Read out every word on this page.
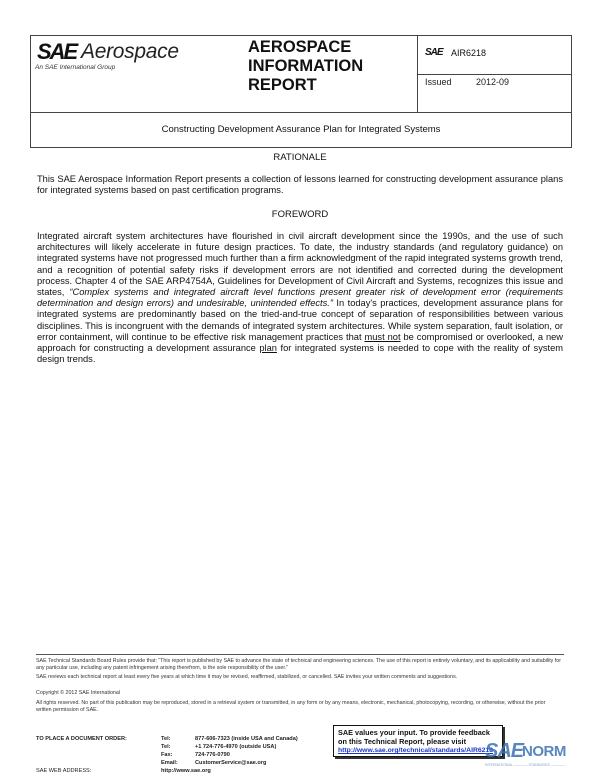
SAE Aerospace
An SAE International Group
AEROSPACE
INFORMATION
REPORT
SAE AIR6218
Issued	2012-09
Constructing Development Assurance Plan for Integrated Systems
RATIONALE
This SAE Aerospace Information Report presents a collection of lessons learned for constructing development assurance plans for integrated systems based on past certification programs.
FOREWORD
Integrated aircraft system architectures have flourished in civil aircraft development since the 1990s, and the use of such architectures will likely accelerate in future design practices. To date, the industry standards (and regulatory guidance) on integrated systems have not progressed much further than a firm acknowledgment of the rapid integrated systems growth trend, and a recognition of potential safety risks if development errors are not identified and corrected during the development process. Chapter 4 of the SAE ARP4754A, Guidelines for Development of Civil Aircraft and Systems, recognizes this issue and states, “Complex systems and integrated aircraft level functions present greater risk of development error (requirements determination and design errors) and undesirable, unintended effects.” In today's practices, development assurance plans for integrated systems are predominantly based on the tried-and-true concept of separation of responsibilities between various disciplines. This is incongruent with the demands of integrated system architectures. While system separation, fault isolation, or error containment, will continue to be effective risk management practices that must not be compromised or overlooked, a new approach for constructing a development assurance plan for integrated systems is needed to cope with the reality of system design trends.
SAE Technical Standards Board Rules provide that: “This report is published by SAE to advance the state of technical and engineering sciences. The use of this report is entirely voluntary, and its applicability and suitability for any particular use, including any patent infringement arising therefrom, is the sole responsibility of the user.”
SAE reviews each technical report at least every five years at which time it may be revised, reaffirmed, stabilized, or cancelled. SAE invites your written comments and suggestions.
Copyright © 2012 SAE International
All rights reserved. No part of this publication may be reproduced, stored in a retrieval system or transmitted, in any form or by any means, electronic, mechanical, photocopying, recording, or otherwise, without the prior written permission of SAE.
TO PLACE A DOCUMENT ORDER:	Tel:	877-606-7323 (inside USA and Canada)
Tel:	+1 724-776-4970 (outside USA)
Fax:	724-776-0790
Email:	CustomerService@sae.org
SAE WEB ADDRESS:	http://www.sae.org
SAE values your input. To provide feedback
on this Technical Report, please visit
http://www.sae.org/technical/standards/AIR6218
SAE
NORM
INTERNATIONAL ———— STANDARDS ————
